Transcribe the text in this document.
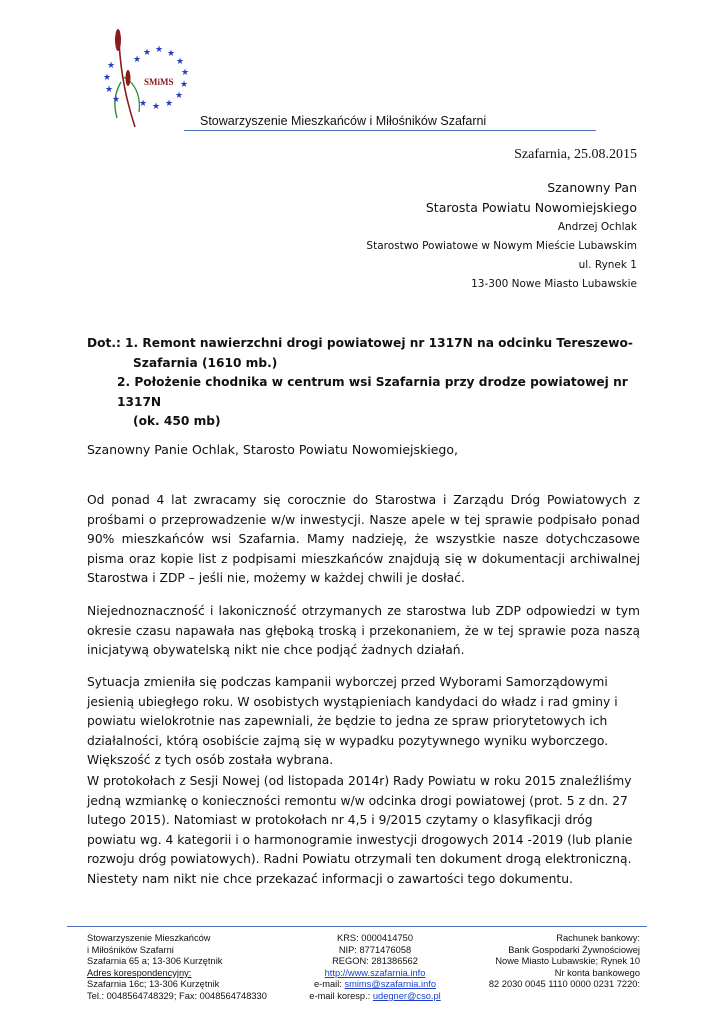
★ ★ ★
★
★
★
★
★
★
★
★
★
★
★
★
SMiMS
Stowarzyszenie Mieszkańców i Miłośników Szafarni
Szafarnia, 25.08.2015
Szanowny Pan
Starosta Powiatu Nowomiejskiego
Andrzej Ochlak
Starostwo Powiatowe w Nowym Mieście Lubawskim
ul. Rynek 1
13-300 Nowe Miasto Lubawskie
Dot.: 1. Remont nawierzchni drogi powiatowej nr 1317N na odcinku Tereszewo-
Szafarnia (1610 mb.)
2. Położenie chodnika w centrum wsi Szafarnia przy drodze powiatowej nr 1317N
(ok. 450 mb)
Szanowny Panie Ochlak, Starosto Powiatu Nowomiejskiego,
Od ponad 4 lat zwracamy się corocznie do Starostwa i Zarządu Dróg Powiatowych z prośbami o przeprowadzenie w/w inwestycji. Nasze apele w tej sprawie podpisało ponad 90% mieszkańców wsi Szafarnia. Mamy nadzieję, że wszystkie nasze dotychczasowe pisma oraz kopie list z podpisami mieszkańców znajdują się w dokumentacji archiwalnej Starostwa i ZDP – jeśli nie, możemy w każdej chwili je dosłać.
Niejednoznaczność i lakoniczność otrzymanych ze starostwa lub ZDP odpowiedzi w tym okresie czasu napawała nas głęboką troską i przekonaniem, że w tej sprawie poza naszą inicjatywą obywatelską nikt nie chce podjąć żadnych działań.
Sytuacja zmieniła się podczas kampanii wyborczej przed Wyborami Samorządowymi jesienią ubiegłego roku. W osobistych wystąpieniach kandydaci do władz i rad gminy i powiatu wielokrotnie nas zapewniali, że będzie to jedna ze spraw priorytetowych ich działalności, którą osobiście zajmą się w wypadku pozytywnego wyniku wyborczego. Większość z tych osób została wybrana.
W protokołach z Sesji Nowej (od listopada 2014r) Rady Powiatu w roku 2015 znaleźliśmy jedną wzmiankę o konieczności remontu w/w odcinka drogi powiatowej (prot. 5 z dn. 27 lutego 2015). Natomiast w protokołach nr 4,5 i 9/2015 czytamy o klasyfikacji dróg powiatu wg. 4 kategorii i o harmonogramie inwestycji drogowych 2014 -2019 (lub planie rozwoju dróg powiatowych). Radni Powiatu otrzymali ten dokument drogą elektroniczną. Niestety nam nikt nie chce przekazać informacji o zawartości tego dokumentu.
Stowarzyszenie Mieszkańców
i Miłośników Szafarni
Szafarnia 65 a; 13-306 Kurzętnik
Adres korespondencyjny:
Szafarnia 16c; 13-306 Kurzętnik
Tel.: 0048564748329; Fax: 0048564748330
KRS: 0000414750
NIP: 8771476058
REGON: 281386562
http://www.szafarnia.info
e-mail: smims@szafarnia.info
e-mail koresp.: udegner@cso.pl
Rachunek bankowy:
Bank Gospodarki Żywnościowej
Nowe Miasto Lubawskie; Rynek 10
Nr konta bankowego
82 2030 0045 1110 0000 0231 7220:
